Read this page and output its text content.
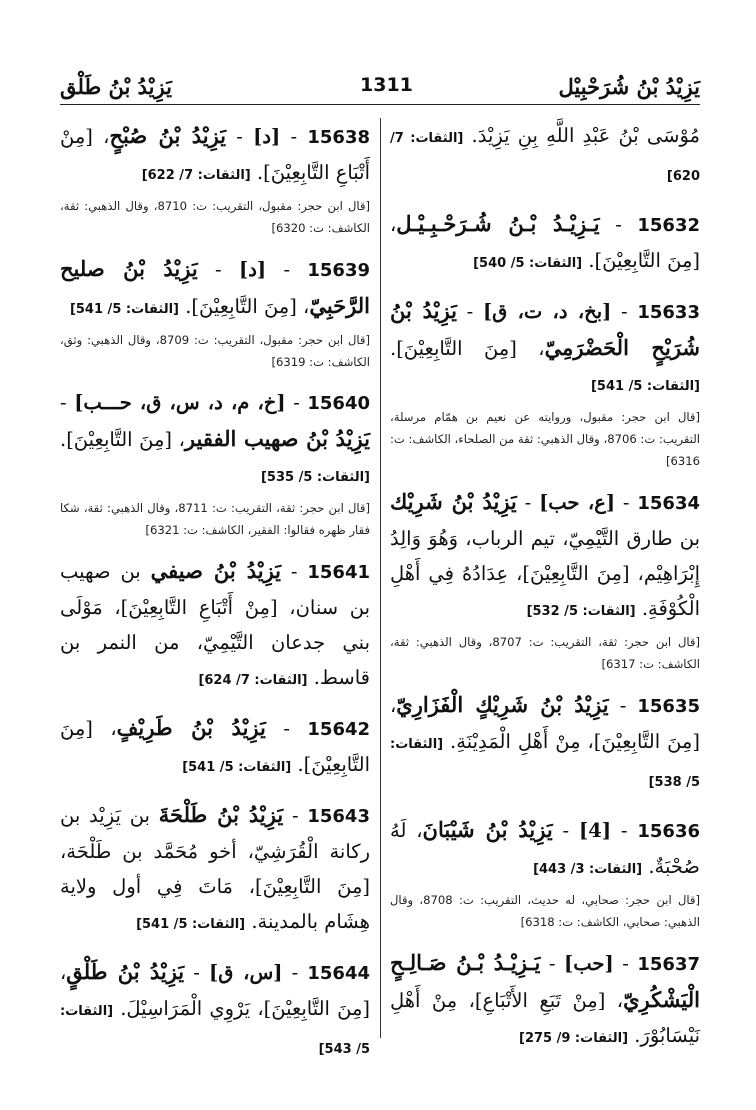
يَزِيْدُ بْنُ شُرَحْبِيْل
1311
يَزِيْدُ بْنُ طَلْق
مُوْسَى بْنُ عَبْدِ اللَّهِ بِنِ يَزِيْدَ. [الثقات: 7/ 620]
15632 - يَـزِيْـدُ بْـنُ شُـرَحْـبِـيْـل، [مِنَ التَّابِعِيْنَ]. [الثقات: 5/ 540]
15633 - [بخ، د، ت، ق] - يَزِيْدُ بْنُ شُرَيْحٍ الْحَضْرَمِيّ، [مِنَ التَّابِعِيْنَ]. [الثقات: 5/ 541]
[قال ابن حجر: مقبول، وروايته عن نعيم بن همّام مرسلة، التقريب: ت: 8706، وقال الذهبي: ثقة من الصلحاء، الكاشف: ت: 6316]
15634 - [ع، حب] - يَزِيْدُ بْنُ شَرِيْك بن طارق التَّيْمِيّ، تيم الرباب، وَهُوَ وَالِدُ إِبْرَاهِيْم، [مِنَ التَّابِعِيْنَ]، عِدَادُهُ فِي أَهْلِ الْكُوْفَةِ. [الثقات: 5/ 532]
[قال ابن حجر: ثقة، التقريب: ت: 8707، وقال الذهبي: ثقة، الكاشف: ت: 6317]
15635 - يَزِيْدُ بْنُ شَرِيْكٍ الْفَزَارِيّ، [مِنَ التَّابِعِيْنَ]، مِنْ أَهْلِ الْمَدِيْنَةِ. [الثقات: 5/ 538]
15636 - [4] - يَزِيْدُ بْنُ شَيْبَانَ، لَهُ صُحْبَةٌ. [الثقات: 3/ 443]
[قال ابن حجر: صحابي، له حديث، التقريب: ت: 8708، وقال الذهبي: صحابي، الكاشف: ت: 6318]
15637 - [حب] - يَـزِيْـدُ بْـنُ صَـالِـحٍ الْيَشْكُرِيّ، [مِنْ تَبَعِ الأَتْبَاعِ]، مِنْ أَهْلِ نَيْسَابُوْرَ. [الثقات: 9/ 275]
15638 - [د] - يَزِيْدُ بْنُ صُبْحٍ، [مِنْ أَتْبَاعِ التَّابِعِيْنَ]. [الثقات: 7/ 622]
[قال ابن حجر: مقبول، التقريب: ت: 8710، وقال الذهبي: ثقة، الكاشف: ت: 6320]
15639 - [د] - يَزِيْدُ بْنُ صليح الرَّحَبِيّ، [مِنَ التَّابِعِيْنَ]. [الثقات: 5/ 541]
[قال ابن حجر: مقبول، التقريب: ت: 8709، وقال الذهبي: وثق، الكاشف: ت: 6319]
15640 - [خ، م، د، س، ق، حـــب] - يَزِيْدُ بْنُ صهيب الفقير، [مِنَ التَّابِعِيْنَ]. [الثقات: 5/ 535]
[قال ابن حجر: ثقة، التقريب: ت: 8711، وقال الذهبي: ثقة، شكا فقار ظهره فقالوا: الفقير، الكاشف: ت: 6321]
15641 - يَزِيْدُ بْنُ صيفي بن صهيب بن سنان، [مِنْ أَتْبَاعِ التَّابِعِيْنَ]، مَوْلَى بني جدعان التَّيْمِيّ، من النمر بن قاسط. [الثقات: 7/ 624]
15642 - يَزِيْدُ بْنُ طَرِيْفٍ، [مِنَ التَّابِعِيْنَ]. [الثقات: 5/ 541]
15643 - يَزِيْدُ بْنُ طَلْحَةَ بن يَزِيْد بن ركانة الْقُرَشِيّ، أخو مُحَمَّد بن طَلْحَة، [مِنَ التَّابِعِيْنَ]، مَاتَ فِي أول ولاية هِشَام بالمدينة. [الثقات: 5/ 541]
15644 - [س، ق] - يَزِيْدُ بْنُ طَلْقٍ، [مِنَ التَّابِعِيْنَ]، يَرْوِي الْمَرَاسِيْلَ. [الثقات: 5/ 543]
